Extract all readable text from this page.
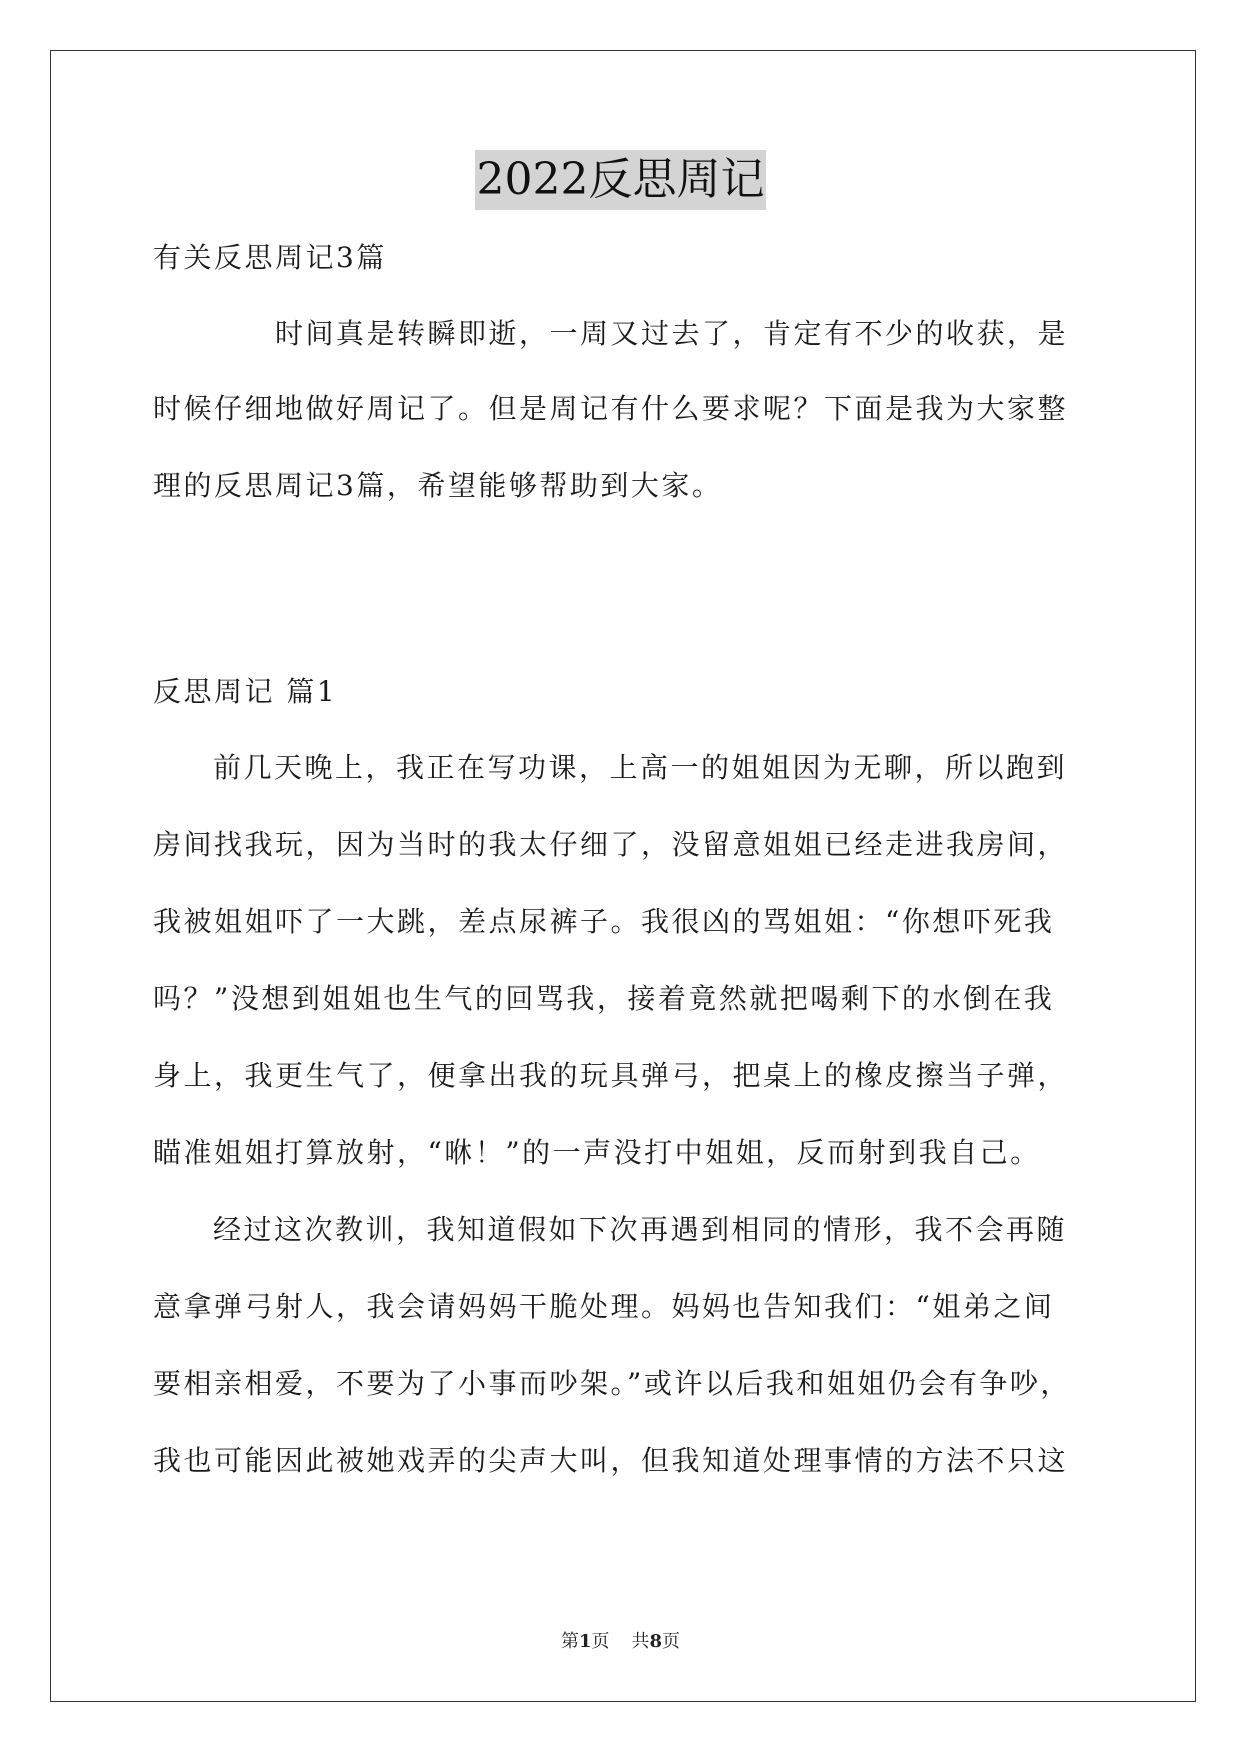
2022反思周记
有关反思周记3篇
时间真是转瞬即逝，一周又过去了，肯定有不少的收获，是
时候仔细地做好周记了。但是周记有什么要求呢？下面是我为大家整
理的反思周记3篇，希望能够帮助到大家。
反思周记 篇1
前几天晚上，我正在写功课，上高一的姐姐因为无聊，所以跑到
房间找我玩，因为当时的我太仔细了，没留意姐姐已经走进我房间，
我被姐姐吓了一大跳，差点尿裤子。我很凶的骂姐姐：“你想吓死我
吗？”没想到姐姐也生气的回骂我，接着竟然就把喝剩下的水倒在我
身上，我更生气了，便拿出我的玩具弹弓，把桌上的橡皮擦当子弹，
瞄准姐姐打算放射，“咻！”的一声没打中姐姐，反而射到我自己。
经过这次教训，我知道假如下次再遇到相同的情形，我不会再随
意拿弹弓射人，我会请妈妈干脆处理。妈妈也告知我们：“姐弟之间
要相亲相爱，不要为了小事而吵架。”或许以后我和姐姐仍会有争吵，
我也可能因此被她戏弄的尖声大叫，但我知道处理事情的方法不只这
第1页 共8页
